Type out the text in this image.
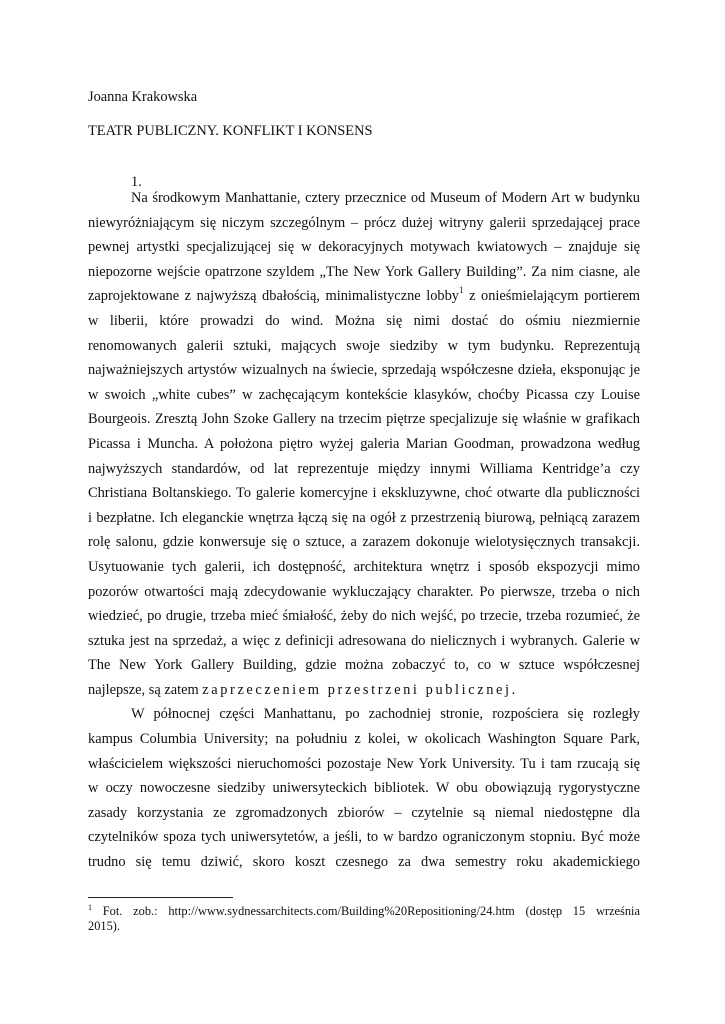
Joanna Krakowska
TEATR PUBLICZNY. KONFLIKT I KONSENS
1.
Na środkowym Manhattanie, cztery przecznice od Museum of Modern Art w budynku
niewyróżniającym się niczym szczególnym – prócz dużej witryny galerii sprzedającej prace
pewnej artystki specjalizującej się w dekoracyjnych motywach kwiatowych – znajduje się
niepozorne wejście opatrzone szyldem „The New York Gallery Building”. Za nim ciasne, ale
zaprojektowane z najwyższą dbałością, minimalistyczne lobby$^1$ z onieśmielającym portierem
w liberii, które prowadzi do wind. Można się nimi dostać do ośmiu niezmiernie
renomowanych galerii sztuki, mających swoje siedziby w tym budynku. Reprezentują
najważniejszych artystów wizualnych na świecie, sprzedają współczesne dzieła, eksponując je
w swoich „white cubes” w zachęcającym kontekście klasyków, choćby Picassa czy Louise
Bourgeois. Zresztą John Szoke Gallery na trzecim piętrze specjalizuje się właśnie w grafikach
Picassa i Muncha. A położona piętro wyżej galeria Marian Goodman, prowadzona według
najwyższych standardów, od lat reprezentuje między innymi Williama Kentridge’a czy
Christiana Boltanskiego. To galerie komercyjne i ekskluzywne, choć otwarte dla publiczności
i bezpłatne. Ich eleganckie wnętrza łączą się na ogół z przestrzenią biurową, pełniącą zarazem
rolę salonu, gdzie konwersuje się o sztuce, a zarazem dokonuje wielotysięcznych transakcji.
Usytuowanie tych galerii, ich dostępność, architektura wnętrz i sposób ekspozycji mimo
pozorów otwartości mają zdecydowanie wykluczający charakter. Po pierwsze, trzeba o nich
wiedzieć, po drugie, trzeba mieć śmiałość, żeby do nich wejść, po trzecie, trzeba rozumieć, że
sztuka jest na sprzedaż, a więc z definicji adresowana do nielicznych i wybranych. Galerie w
The New York Gallery Building, gdzie można zobaczyć to, co w sztuce współczesnej
najlepsze, są zatem zaprzeczeniem przestrzeni publicznej.
W północnej części Manhattanu, po zachodniej stronie, rozpościera się rozległy
kampus Columbia University; na południu z kolei, w okolicach Washington Square Park,
właścicielem większości nieruchomości pozostaje New York University. Tu i tam rzucają się
w oczy nowoczesne siedziby uniwersyteckich bibliotek. W obu obowiązują rygorystyczne
zasady korzystania ze zgromadzonych zbiorów – czytelnie są niemal niedostępne dla
czytelników spoza tych uniwersytetów, a jeśli, to w bardzo ograniczonym stopniu. Być może
trudno się temu dziwić, skoro koszt czesnego za dwa semestry roku akademickiego
$^1$ Fot. zob.: http://www.sydnessarchitects.com/Building%20Repositioning/24.htm (dostęp 15 września
2015).
